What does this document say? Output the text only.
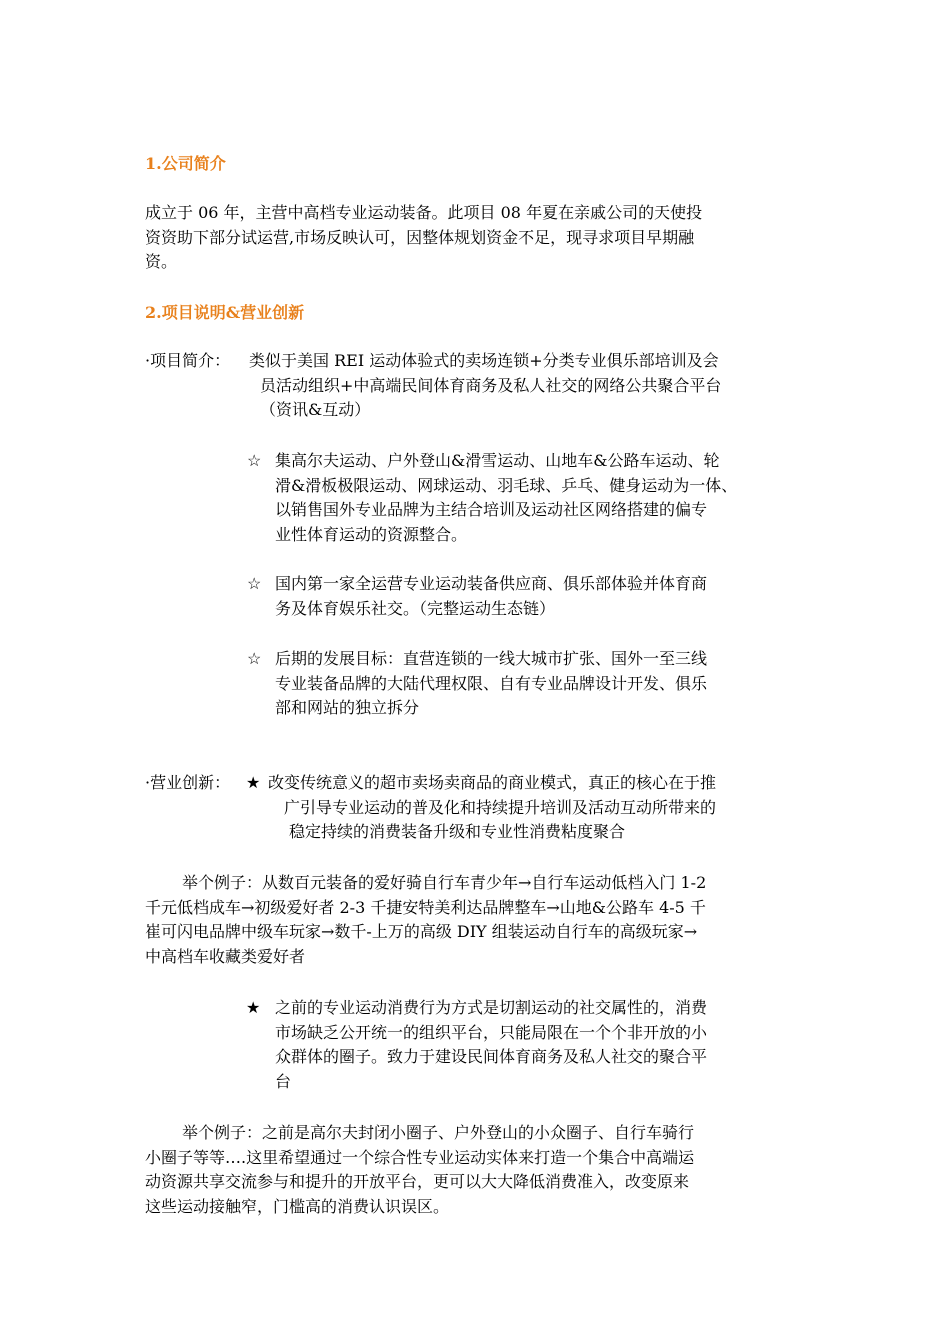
1.公司简介
成立于 06 年，主营中高档专业运动装备。此项目 08 年夏在亲戚公司的天使投
资资助下部分试运营,市场反映认可，因整体规划资金不足，现寻求项目早期融
资。
2.项目说明&营业创新
·项目简介： 类似于美国 REI 运动体验式的卖场连锁+分类专业俱乐部培训及会
员活动组织+中高端民间体育商务及私人社交的网络公共聚合平台
（资讯&互动）
☆ 集高尔夫运动、户外登山&滑雪运动、山地车&公路车运动、轮
滑&滑板极限运动、网球运动、羽毛球、乒乓、健身运动为一体、
以销售国外专业品牌为主结合培训及运动社区网络搭建的偏专
业性体育运动的资源整合。
☆ 国内第一家全运营专业运动装备供应商、俱乐部体验并体育商
务及体育娱乐社交。（完整运动生态链）
☆ 后期的发展目标：直营连锁的一线大城市扩张、国外一至三线
专业装备品牌的大陆代理权限、自有专业品牌设计开发、俱乐
部和网站的独立拆分
·营业创新： ★ 改变传统意义的超市卖场卖商品的商业模式，真正的核心在于推
广引导专业运动的普及化和持续提升培训及活动互动所带来的
稳定持续的消费装备升级和专业性消费粘度聚合
举个例子：从数百元装备的爱好骑自行车青少年→自行车运动低档入门 1-2
千元低档成车→初级爱好者 2-3 千捷安特美利达品牌整车→山地&公路车 4-5 千
崔可闪电品牌中级车玩家→数千-上万的高级 DIY 组装运动自行车的高级玩家→
中高档车收藏类爱好者
★ 之前的专业运动消费行为方式是切割运动的社交属性的，消费
市场缺乏公开统一的组织平台，只能局限在一个个非开放的小
众群体的圈子。致力于建设民间体育商务及私人社交的聚合平
台
举个例子：之前是高尔夫封闭小圈子、户外登山的小众圈子、自行车骑行
小圈子等等….这里希望通过一个综合性专业运动实体来打造一个集合中高端运
动资源共享交流参与和提升的开放平台，更可以大大降低消费准入，改变原来
这些运动接触窄，门槛高的消费认识误区。
